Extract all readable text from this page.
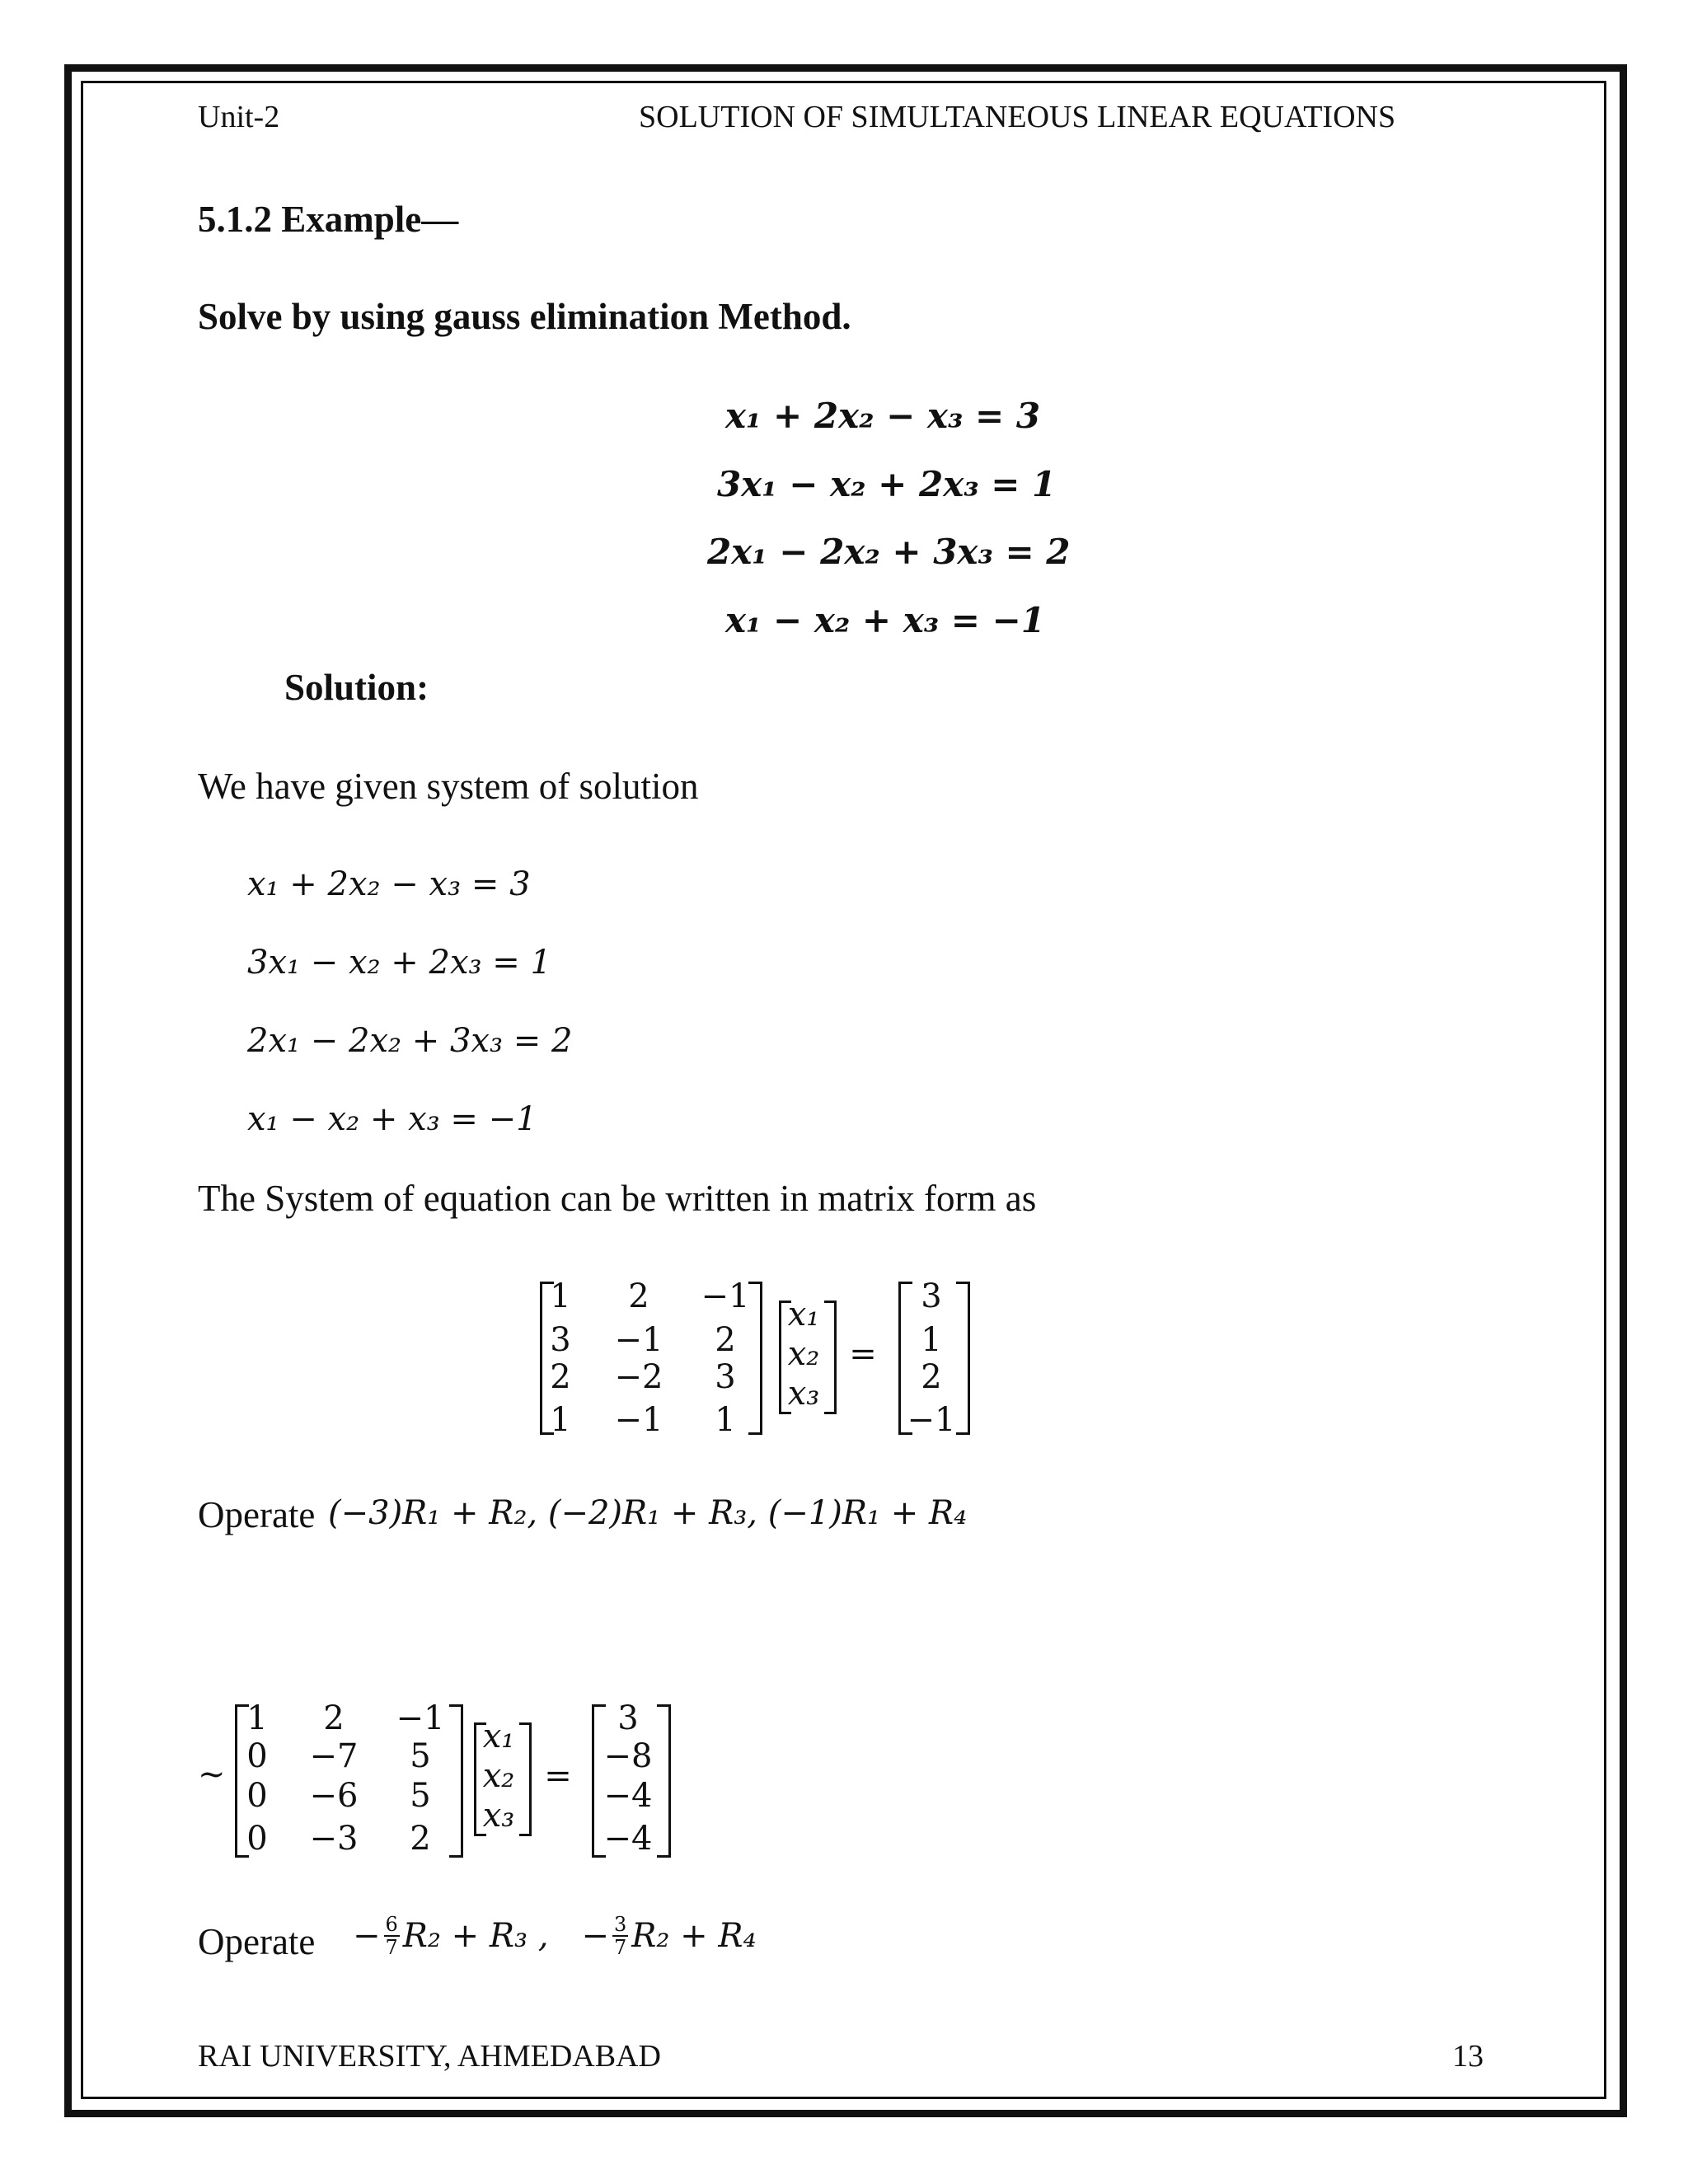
Unit-2	SOLUTION OF SIMULTANEOUS LINEAR EQUATIONS
5.1.2 Example—
Solve by using gauss elimination Method.
x₁ + 2x₂ − x₃ = 3
3x₁ − x₂ + 2x₃ = 1
2x₁ − 2x₂ + 3x₃ = 2
x₁ − x₂ + x₃ = −1
Solution:
We have given system of solution
x₁ + 2x₂ − x₃ = 3
3x₁ − x₂ + 2x₃ = 1
2x₁ − 2x₂ + 3x₃ = 2
x₁ − x₂ + x₃ = −1
The System of equation can be written in matrix form as
1	2	−1
3	−1	2
2	−2	3
1	−1	1
x₁
x₂
x₃
=
3
1
2
−1
Operate (−3)R₁ + R₂, (−2)R₁ + R₃, (−1)R₁ + R₄
~
1	2	−1
0	−7	5
0	−6	5
0	−3	2
x₁
x₂
x₃
=
3
−8
−4
−4
Operate − $\frac{6}{7} R_2 + R_3$ , − $\frac{3}{7} R_2 + R_4$
RAI UNIVERSITY, AHMEDABAD	13
